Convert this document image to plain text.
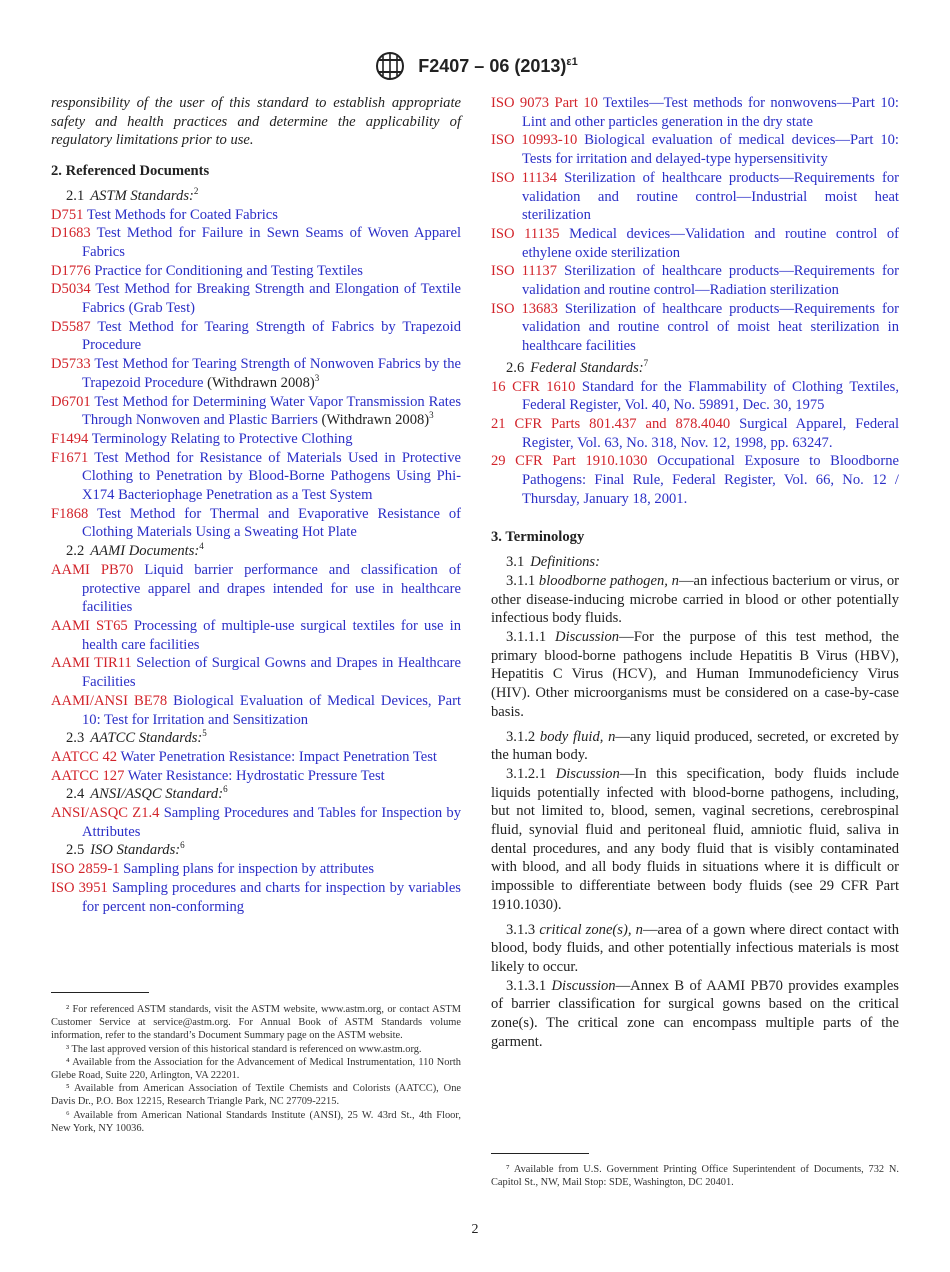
F2407 – 06 $(2013)^{\varepsilon 1}$

responsibility of the user of this standard to establish appropriate safety and health practices and determine the applicability of regulatory limitations prior to use.

2. Referenced Documents

2.1 ASTM Standards:$^2$

D751 Test Methods for Coated Fabrics

D1683 Test Method for Failure in Sewn Seams of Woven Apparel Fabrics

D1776 Practice for Conditioning and Testing Textiles

D5034 Test Method for Breaking Strength and Elongation of Textile Fabrics (Grab Test)

D5587 Test Method for Tearing Strength of Fabrics by Trapezoid Procedure

D5733 Test Method for Tearing Strength of Nonwoven Fabrics by the Trapezoid Procedure (Withdrawn 2008)$^3$

D6701 Test Method for Determining Water Vapor Transmission Rates Through Nonwoven and Plastic Barriers (Withdrawn 2008)$^3$

F1494 Terminology Relating to Protective Clothing

F1671 Test Method for Resistance of Materials Used in Protective Clothing to Penetration by Blood-Borne Pathogens Using Phi-X174 Bacteriophage Penetration as a Test System

F1868 Test Method for Thermal and Evaporative Resistance of Clothing Materials Using a Sweating Hot Plate

2.2 AAMI Documents:$^4$

AAMI PB70 Liquid barrier performance and classification of protective apparel and drapes intended for use in healthcare facilities

AAMI ST65 Processing of multiple-use surgical textiles for use in health care facilities

AAMI TIR11 Selection of Surgical Gowns and Drapes in Healthcare Facilities

AAMI/ANSI BE78 Biological Evaluation of Medical Devices, Part 10: Test for Irritation and Sensitization

2.3 AATCC Standards:$^5$

AATCC 42 Water Penetration Resistance: Impact Penetration Test

AATCC 127 Water Resistance: Hydrostatic Pressure Test

2.4 ANSI/ASQC Standard:$^6$

ANSI/ASQC Z1.4 Sampling Procedures and Tables for Inspection by Attributes

2.5 ISO Standards:$^6$

ISO 2859-1 Sampling plans for inspection by attributes

ISO 3951 Sampling procedures and charts for inspection by variables for percent non-conforming

² For referenced ASTM standards, visit the ASTM website, www.astm.org, or contact ASTM Customer Service at service@astm.org. For Annual Book of ASTM Standards volume information, refer to the standard’s Document Summary page on the ASTM website.

³ The last approved version of this historical standard is referenced on www.astm.org.

⁴ Available from the Association for the Advancement of Medical Instrumentation, 110 North Glebe Road, Suite 220, Arlington, VA 22201.

⁵ Available from American Association of Textile Chemists and Colorists (AATCC), One Davis Dr., P.O. Box 12215, Research Triangle Park, NC 27709-2215.

⁶ Available from American National Standards Institute (ANSI), 25 W. 43rd St., 4th Floor, New York, NY 10036.

ISO 9073 Part 10 Textiles—Test methods for nonwovens—Part 10: Lint and other particles generation in the dry state

ISO 10993-10 Biological evaluation of medical devices—Part 10: Tests for irritation and delayed-type hypersensitivity

ISO 11134 Sterilization of healthcare products—Requirements for validation and routine control—Industrial moist heat sterilization

ISO 11135 Medical devices—Validation and routine control of ethylene oxide sterilization

ISO 11137 Sterilization of healthcare products—Requirements for validation and routine control—Radiation sterilization

ISO 13683 Sterilization of healthcare products—Requirements for validation and routine control of moist heat sterilization in healthcare facilities

2.6 Federal Standards:$^7$

16 CFR 1610 Standard for the Flammability of Clothing Textiles, Federal Register, Vol. 40, No. 59891, Dec. 30, 1975

21 CFR Parts 801.437 and 878.4040 Surgical Apparel, Federal Register, Vol. 63, No. 318, Nov. 12, 1998, pp. 63247.

29 CFR Part 1910.1030 Occupational Exposure to Bloodborne Pathogens: Final Rule, Federal Register, Vol. 66, No. 12 / Thursday, January 18, 2001.

3. Terminology

3.1 Definitions:

3.1.1 bloodborne pathogen, n—an infectious bacterium or virus, or other disease-inducing microbe carried in blood or other potentially infectious body fluids.

3.1.1.1 Discussion—For the purpose of this test method, the primary blood-borne pathogens include Hepatitis B Virus (HBV), Hepatitis C Virus (HCV), and Human Immunodeficiency Virus (HIV). Other microorganisms must be considered on a case-by-case basis.

3.1.2 body fluid, n—any liquid produced, secreted, or excreted by the human body.

3.1.2.1 Discussion—In this specification, body fluids include liquids potentially infected with blood-borne pathogens, including, but not limited to, blood, semen, vaginal secretions, cerebrospinal fluid, synovial fluid and peritoneal fluid, amniotic fluid, saliva in dental procedures, and any body fluid that is visibly contaminated with blood, and all body fluids in situations where it is difficult or impossible to differentiate between body fluids (see 29 CFR Part 1910.1030).

3.1.3 critical zone(s), n—area of a gown where direct contact with blood, body fluids, and other potentially infectious materials is most likely to occur.

3.1.3.1 Discussion—Annex B of AAMI PB70 provides examples of barrier classification for surgical gowns based on the critical zone(s). The critical zone can encompass multiple parts of the garment.

⁷ Available from U.S. Government Printing Office Superintendent of Documents, 732 N. Capitol St., NW, Mail Stop: SDE, Washington, DC 20401.

2
